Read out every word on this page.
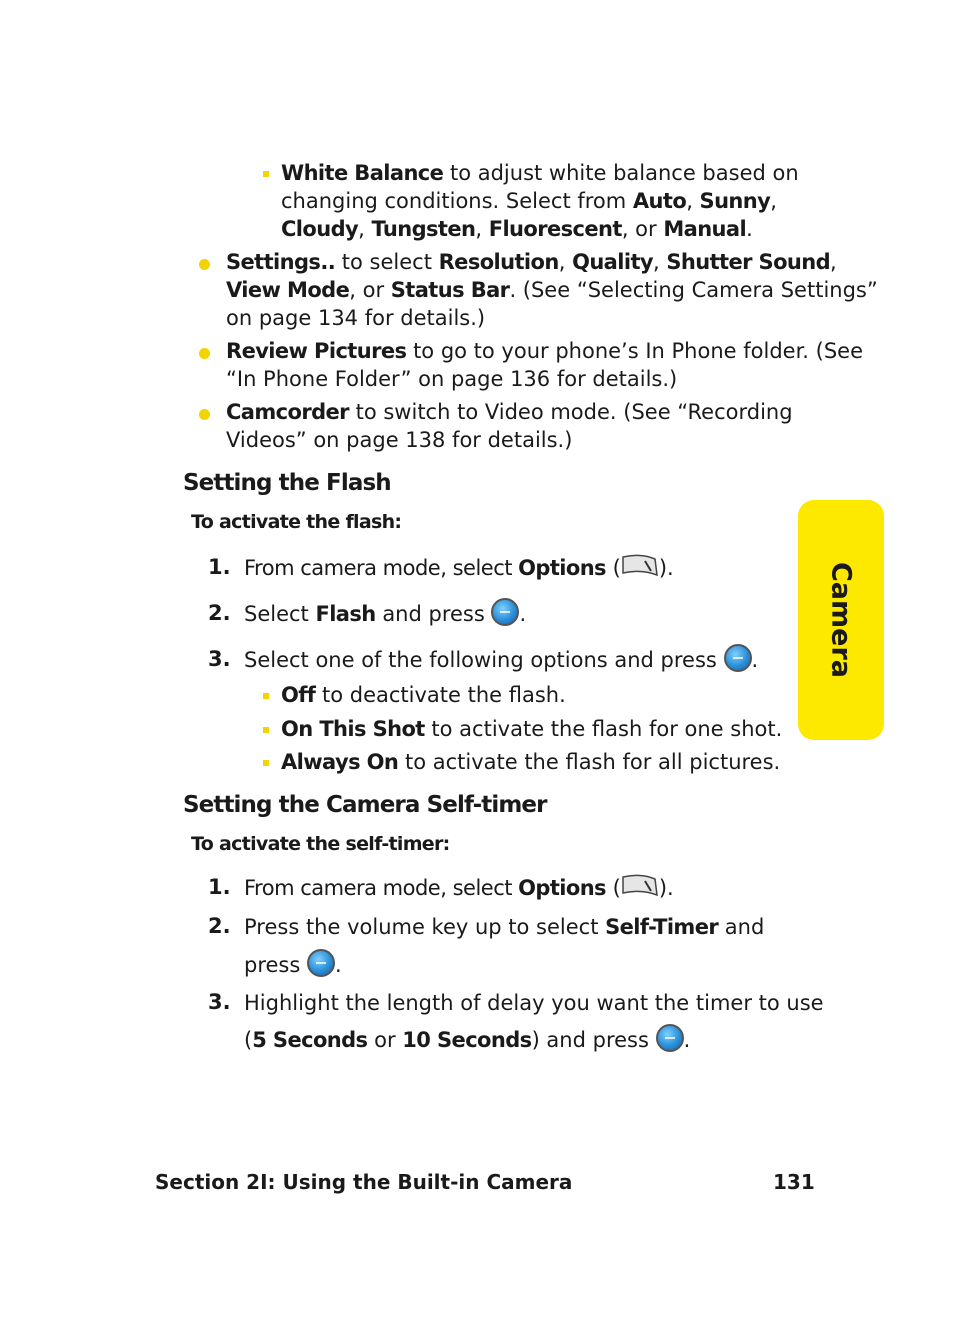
Camera
White Balance to adjust white balance based on
changing conditions. Select from Auto, Sunny,
Cloudy, Tungsten, Fluorescent, or Manual.
Settings.. to select Resolution, Quality, Shutter Sound,
View Mode, or Status Bar. (See “Selecting Camera Settings”
on page 134 for details.)
Review Pictures to go to your phone’s In Phone folder. (See
“In Phone Folder” on page 136 for details.)
Camcorder to switch to Video mode. (See “Recording
Videos” on page 138 for details.)
Setting the Flash
To activate the flash:
1. From camera mode, select Options ( ).
2. Select Flash and press .
3. Select one of the following options and press .
Off to deactivate the flash.
On This Shot to activate the flash for one shot.
Always On to activate the flash for all pictures.
Setting the Camera Self-timer
To activate the self-timer:
1. From camera mode, select Options ( ).
2. Press the volume key up to select Self-Timer and
press .
3. Highlight the length of delay you want the timer to use
(5 Seconds or 10 Seconds) and press .
Section 2I: Using the Built-in Camera	131
